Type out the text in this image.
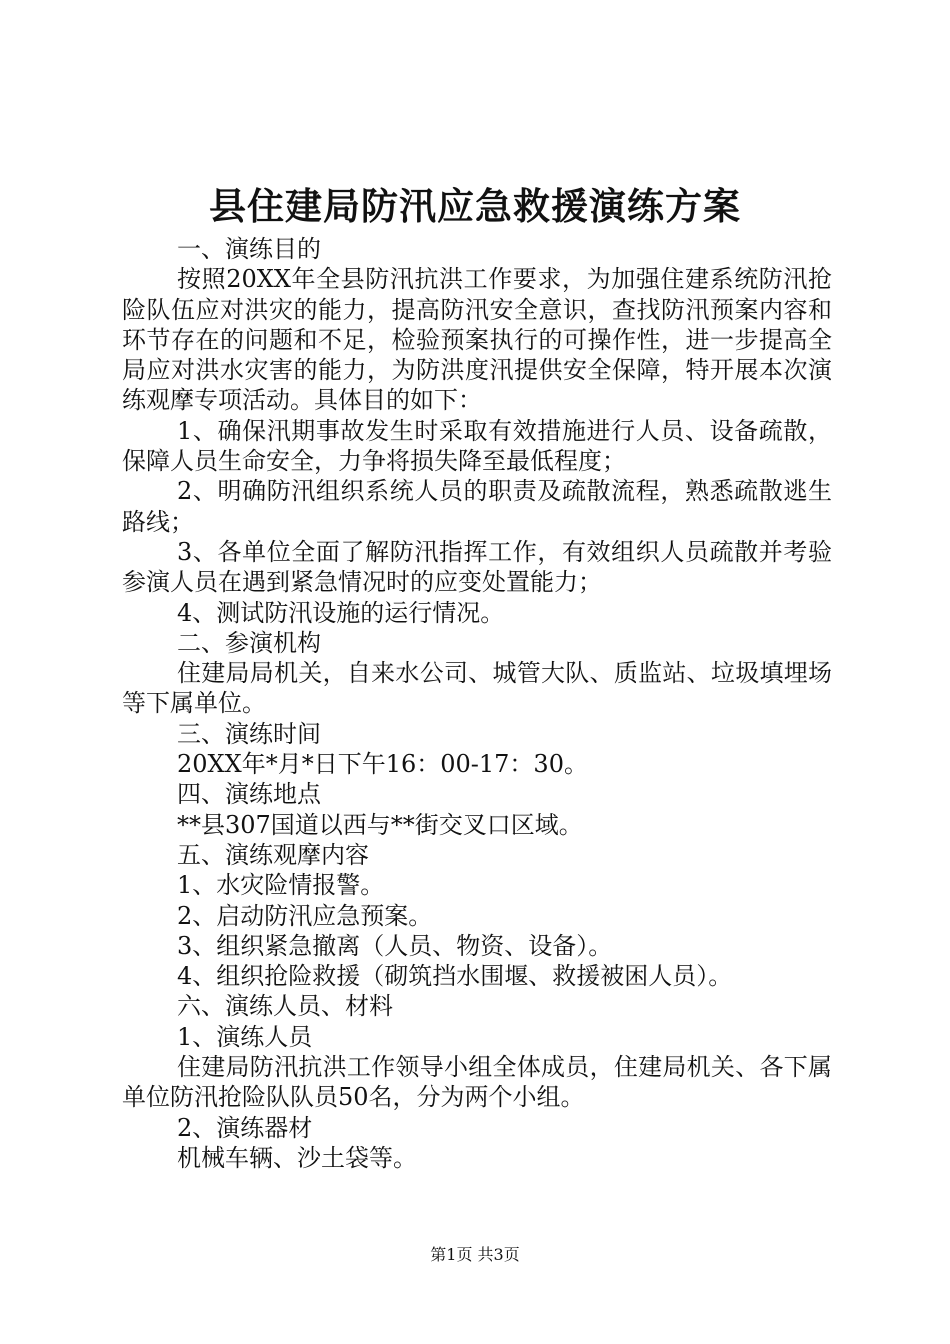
县住建局防汛应急救援演练方案

一、演练目的

按照20XX年全县防汛抗洪工作要求，为加强住建系统防汛抢险队伍应对洪灾的能力，提高防汛安全意识，查找防汛预案内容和环节存在的问题和不足，检验预案执行的可操作性，进一步提高全局应对洪水灾害的能力，为防洪度汛提供安全保障，特开展本次演练观摩专项活动。具体目的如下：

1、确保汛期事故发生时采取有效措施进行人员、设备疏散，保障人员生命安全，力争将损失降至最低程度；

2、明确防汛组织系统人员的职责及疏散流程，熟悉疏散逃生路线；

3、各单位全面了解防汛指挥工作，有效组织人员疏散并考验参演人员在遇到紧急情况时的应变处置能力；

4、测试防汛设施的运行情况。

二、参演机构

住建局局机关，自来水公司、城管大队、质监站、垃圾填埋场等下属单位。

三、演练时间

20XX年*月*日下午16：00-17：30。

四、演练地点

**县307国道以西与**街交叉口区域。

五、演练观摩内容

1、水灾险情报警。

2、启动防汛应急预案。

3、组织紧急撤离（人员、物资、设备）。

4、组织抢险救援（砌筑挡水围堰、救援被困人员）。

六、演练人员、材料

1、演练人员

住建局防汛抗洪工作领导小组全体成员，住建局机关、各下属单位防汛抢险队队员50名，分为两个小组。

2、演练器材

机械车辆、沙土袋等。

第1页 共3页
